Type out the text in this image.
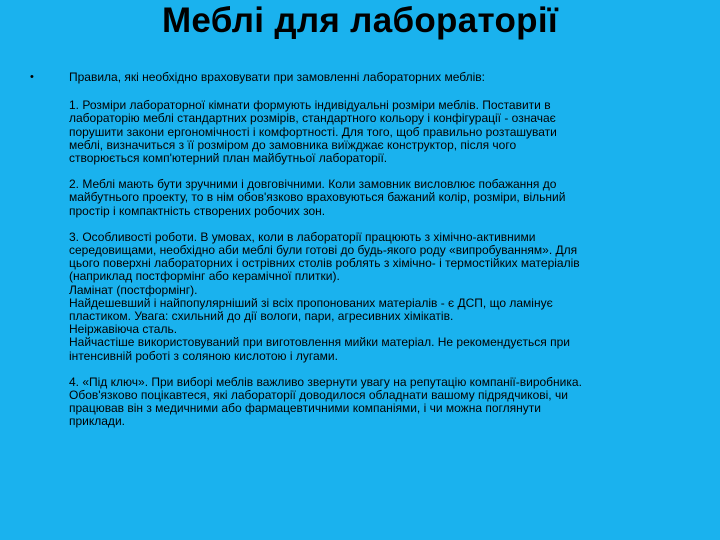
Меблі для лабораторії
•	Правила, які необхідно враховувати при замовленні лабораторних меблів:

1. Розміри лабораторної кімнати формують індивідуальні розміри меблів. Поставити в
лабораторію меблі стандартних розмірів, стандартного кольору і конфігурації - означає
порушити закони ергономічності і комфортності. Для того, щоб правильно розташувати
меблі, визначиться з її розміром до замовника виїжджає конструктор, після чого
створюється комп'ютерний план майбутньої лабораторії.

2. Меблі мають бути зручними і довговічними. Коли замовник висловлює побажання до
майбутнього проекту, то в нім обов'язково враховуються бажаний колір, розміри, вільний
простір і компактність створених робочих зон.

3. Особливості роботи. В умовах, коли в лабораторії працюють з хімічно-активними
середовищами, необхідно аби меблі були готові до будь-якого роду «випробуванням». Для
цього поверхні лабораторних і острівних столів роблять з хімічно- і термостійких матеріалів
(наприклад постформінг або керамічної плитки).
Ламінат (постформінг).
Найдешевший і найпопулярніший зі всіх пропонованих матеріалів - є ДСП, що ламінує
пластиком. Увага: схильний до дії вологи, пари, агресивних хімікатів.
Неіржавіюча сталь.
Найчастіше використовуваний при виготовлення мийки матеріал. Не рекомендується при
інтенсивній роботі з соляною кислотою і лугами.

4. «Під ключ». При виборі меблів важливо звернути увагу на репутацію компанії-виробника.
Обов'язково поцікавтеся, які лабораторії доводилося обладнати вашому підрядчикові, чи
працював він з медичними або фармацевтичними компаніями, і чи можна поглянути
приклади.
